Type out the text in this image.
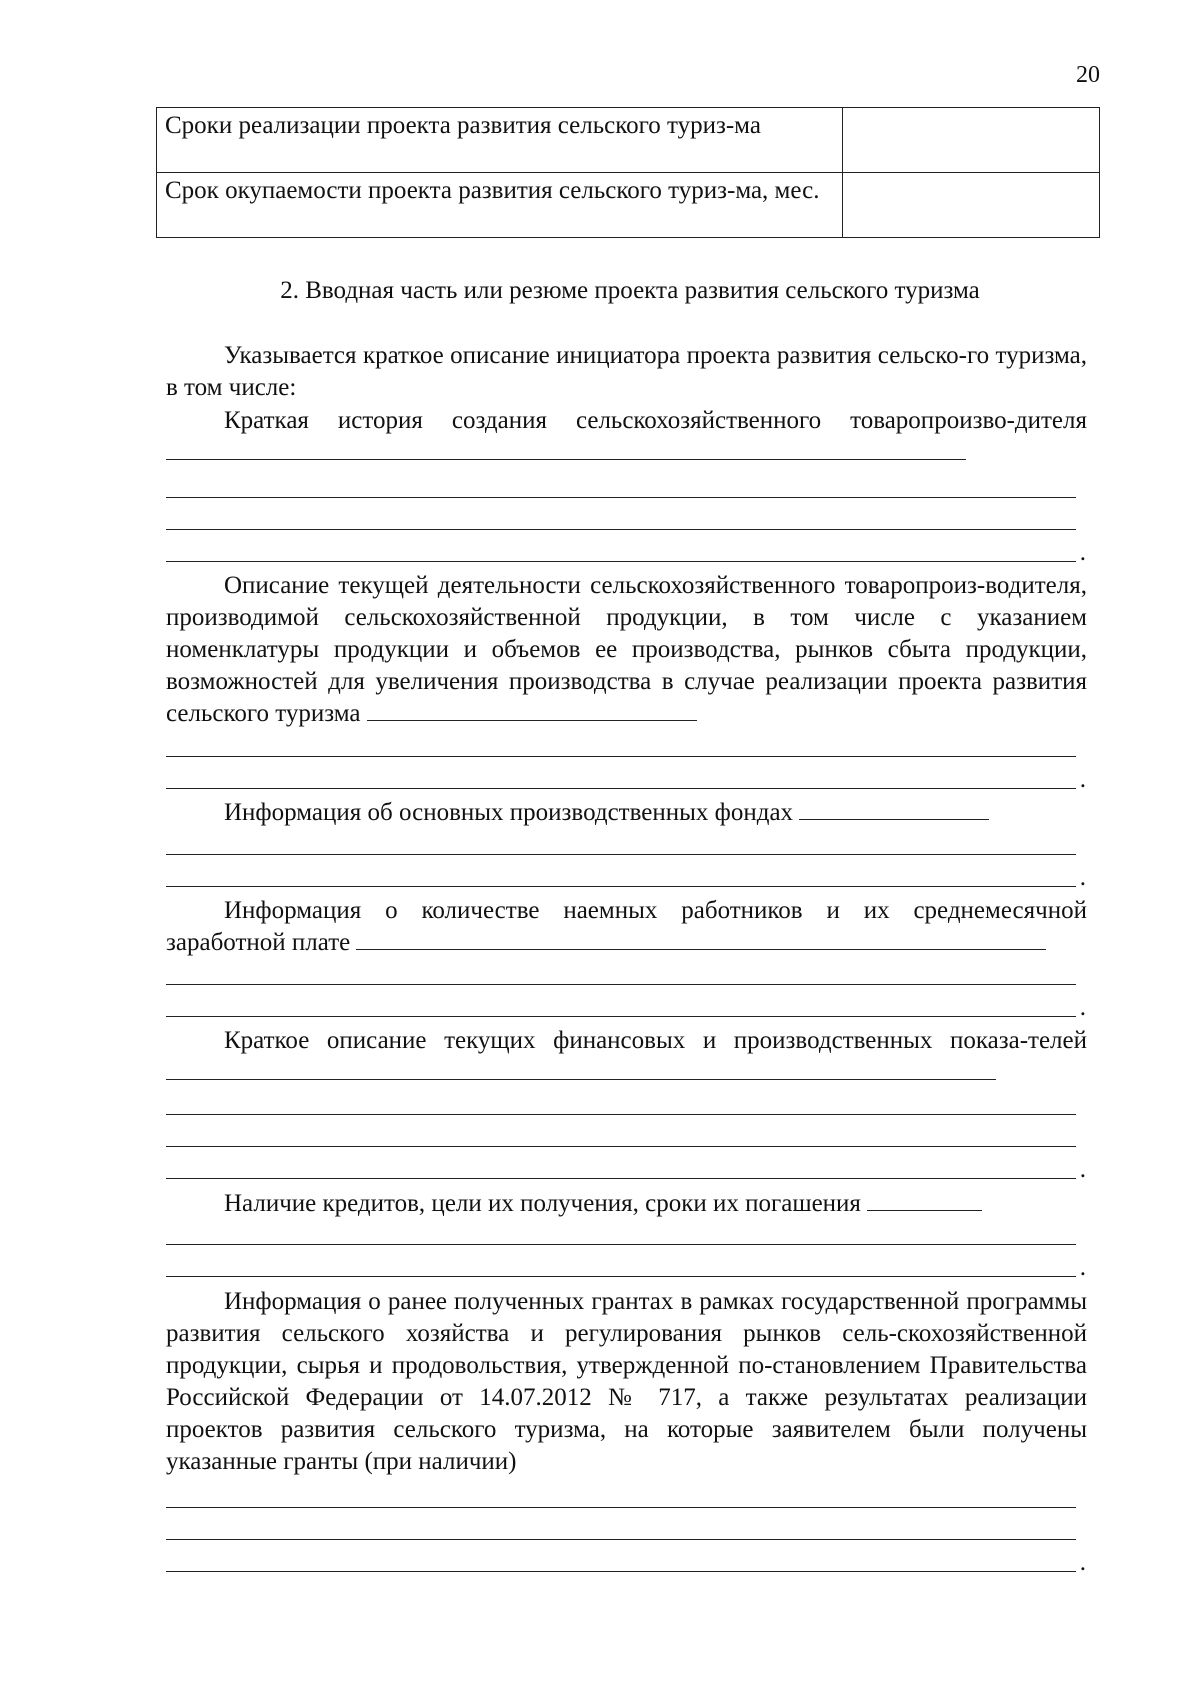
20
Сроки реализации проекта развития сельского туриз-ма	
Срок окупаемости проекта развития сельского туриз-ма, мес.	
2. Вводная часть или резюме проекта развития сельского туризма
Указывается краткое описание инициатора проекта развития сельско-го туризма, в том числе:
Краткая история создания сельскохозяйственного товаропроизво-дителя
.
Описание текущей деятельности сельскохозяйственного товаропроиз-водителя, производимой сельскохозяйственной продукции, в том числе с указанием номенклатуры продукции и объемов ее производства, рынков сбыта продукции, возможностей для увеличения производства в случае реализации проекта развития сельского туризма
.
Информация об основных производственных фондах
.
Информация о количестве наемных работников и их среднемесячной заработной плате
.
Краткое описание текущих финансовых и производственных показа-телей
.
Наличие кредитов, цели их получения, сроки их погашения
.
Информация о ранее полученных грантах в рамках государственной программы развития сельского хозяйства и регулирования рынков сель-скохозяйственной продукции, сырья и продовольствия, утвержденной по-становлением Правительства Российской Федерации от 14.07.2012 № 717, а также результатах реализации проектов развития сельского туризма, на которые заявителем были получены указанные гранты (при наличии)
.
